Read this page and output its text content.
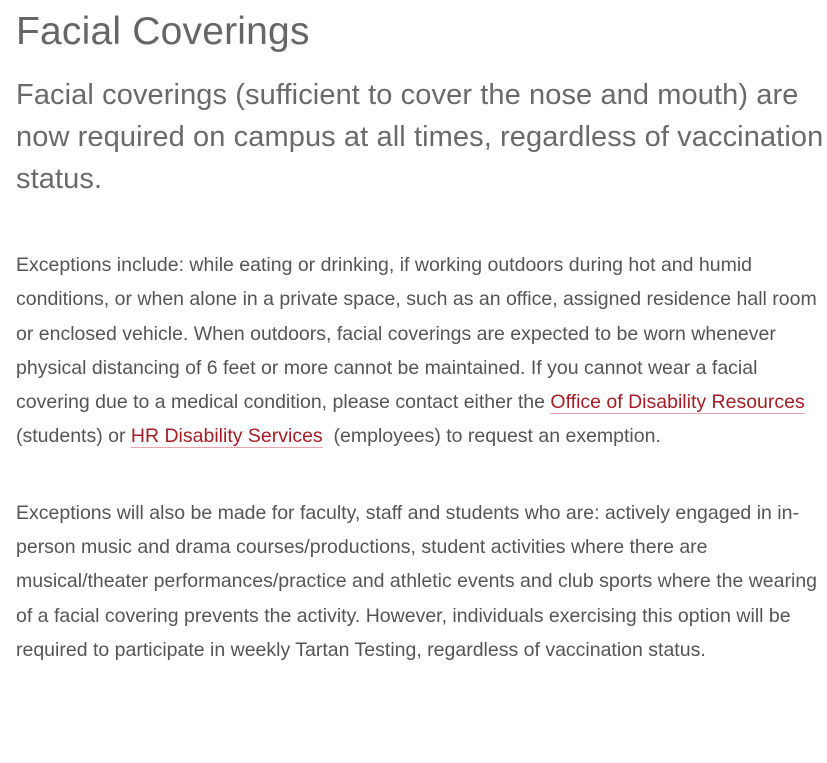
Facial Coverings

Facial coverings (sufficient to cover the nose and mouth) are now required on campus at all times, regardless of vaccination status.

Exceptions include: while eating or drinking, if working outdoors during hot and humid conditions, or when alone in a private space, such as an office, assigned residence hall room or enclosed vehicle. When outdoors, facial coverings are expected to be worn whenever physical distancing of 6 feet or more cannot be maintained. If you cannot wear a facial covering due to a medical condition, please contact either the Office of Disability Resources (students) or HR Disability Services  (employees) to request an exemption.

Exceptions will also be made for faculty, staff and students who are: actively engaged in in-person music and drama courses/productions, student activities where there are musical/theater performances/practice and athletic events and club sports where the wearing of a facial covering prevents the activity. However, individuals exercising this option will be required to participate in weekly Tartan Testing, regardless of vaccination status.
